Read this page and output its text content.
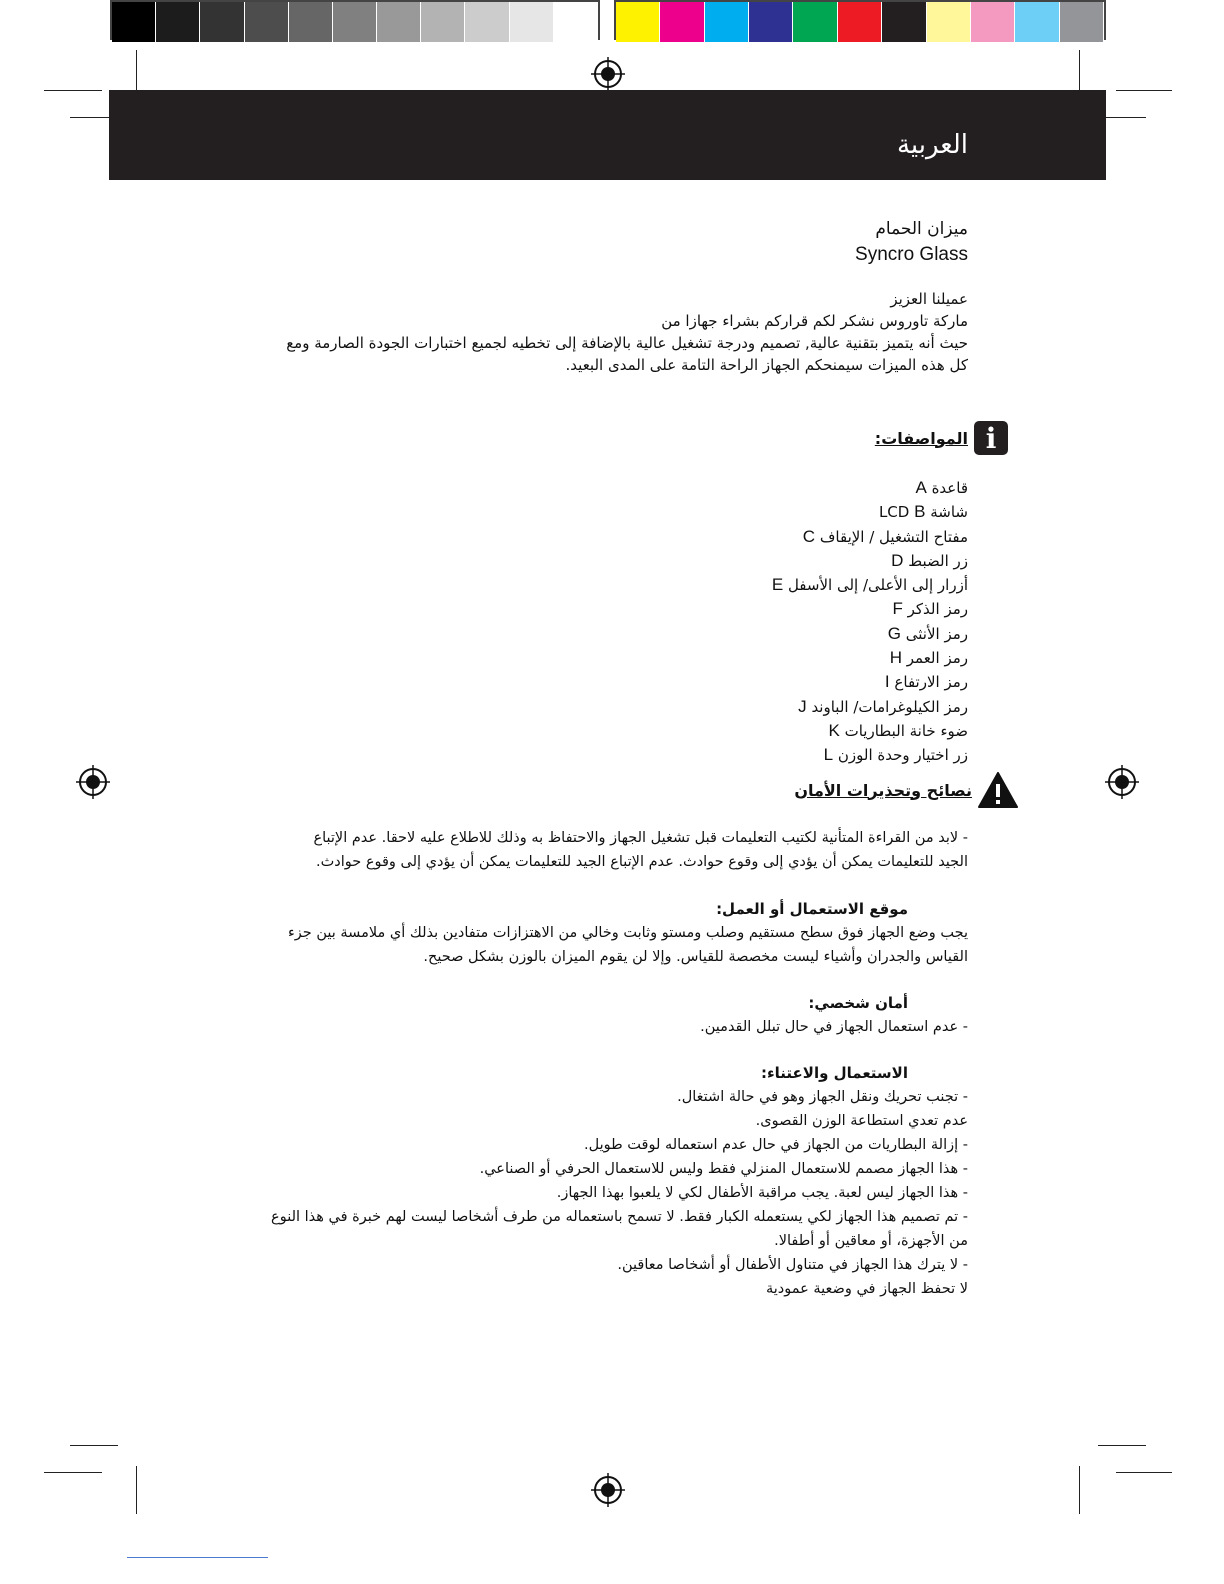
العربية
ميزان الحمام
Syncro Glass
عميلنا العزيز
ماركة تاوروس نشكر لكم قراركم بشراء جهازا من
حيث أنه يتميز بتقنية عالية, تصميم ودرجة تشغيل عالية بالإضافة إلى تخطيه لجميع اختبارات الجودة الصارمة ومع
كل هذه الميزات سيمنحكم الجهاز الراحة التامة على المدى البعيد.
i
المواصفات:
قاعدة A
شاشة LCD B
مفتاح التشغيل / الإيقاف C
زر الضبط D
أزرار إلى الأعلى/ إلى الأسفل E
رمز الذكر F
رمز الأنثى G
رمز العمر H
رمز الارتفاع I
رمز الكيلوغرامات/ الباوند J
ضوء خانة البطاريات K
زر اختيار وحدة الوزن L
نصائح وتحذيرات الأمان

- لابد من القراءة المتأنية لكتيب التعليمات قبل تشغيل الجهاز والاحتفاظ به وذلك للاطلاع عليه لاحقا. عدم الإتباع

الجيد للتعليمات يمكن أن يؤدي إلى وقوع حوادث. عدم الإتباع الجيد للتعليمات يمكن أن يؤدي إلى وقوع حوادث.

موقع الاستعمال أو العمل:

يجب وضع الجهاز فوق سطح مستقيم وصلب ومستو وثابت وخالي من الاهتزازات متفادين بذلك أي ملامسة بين جزء

القياس والجدران وأشياء ليست مخصصة للقياس. وإلا لن يقوم الميزان بالوزن بشكل صحيح.

أمان شخصي:

- عدم استعمال الجهاز في حال تبلل القدمين.

الاستعمال والاعتناء:

- تجنب تحريك ونقل الجهاز وهو في حالة اشتغال.

عدم تعدي استطاعة الوزن القصوى.

- إزالة البطاريات من الجهاز في حال عدم استعماله لوقت طويل.

- هذا الجهاز مصمم للاستعمال المنزلي فقط وليس للاستعمال الحرفي أو الصناعي.

- هذا الجهاز ليس لعبة. يجب مراقبة الأطفال لكي لا يلعبوا بهذا الجهاز.

- تم تصميم هذا الجهاز لكي يستعمله الكبار فقط. لا تسمح باستعماله من طرف أشخاصا ليست لهم خبرة في هذا النوع

من الأجهزة، أو معاقين أو أطفالا.

- لا يترك هذا الجهاز في متناول الأطفال أو أشخاصا معاقين.

لا تحفظ الجهاز في وضعية عمودية
